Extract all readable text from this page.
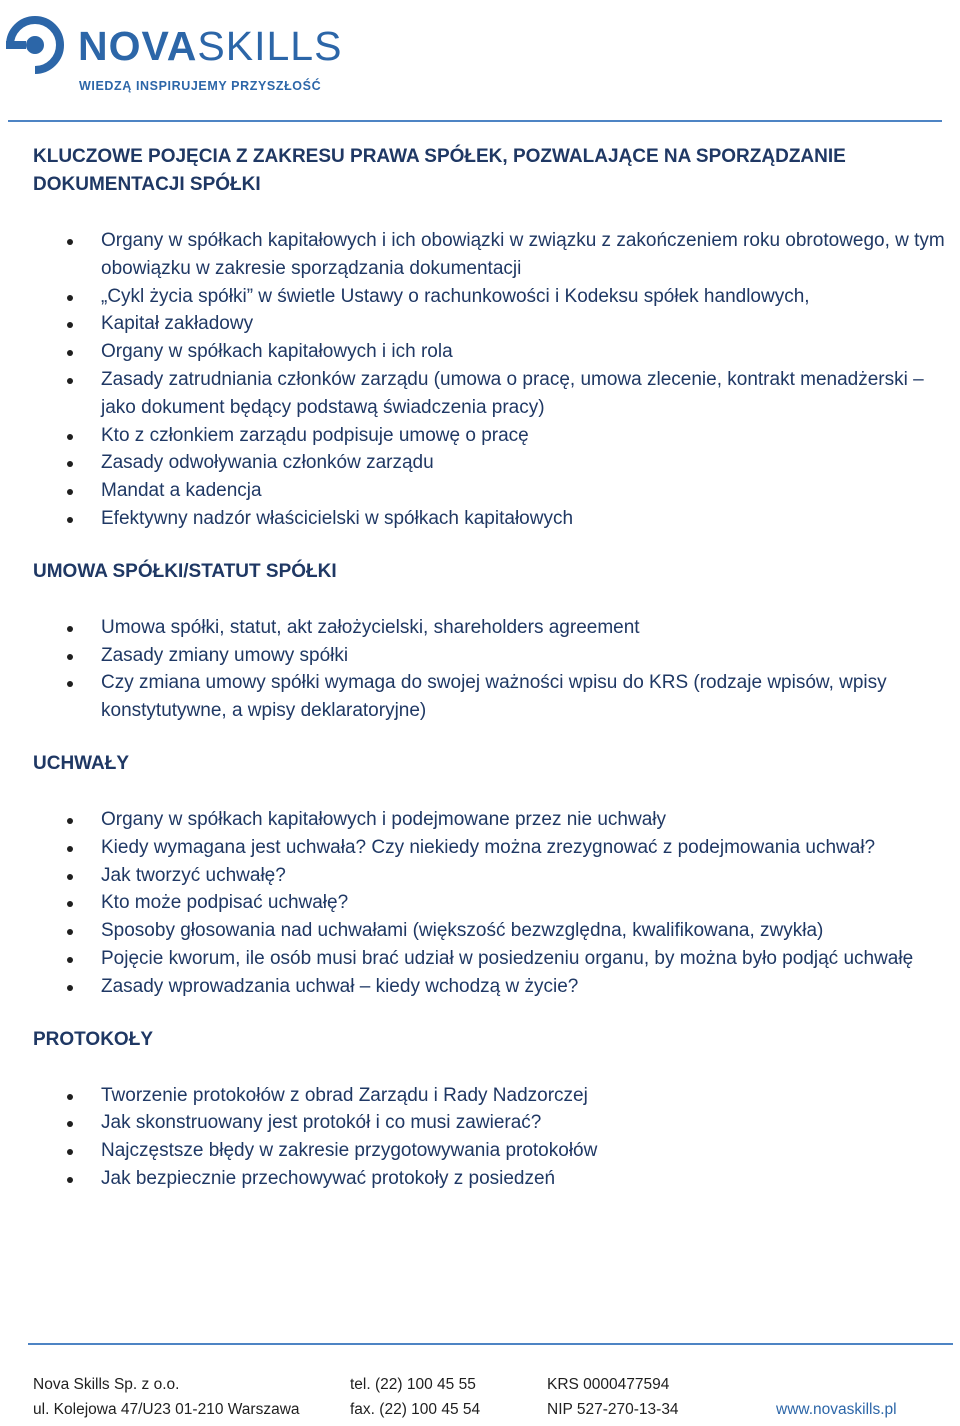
NOVASKILLS
WIEDZĄ INSPIRUJEMY PRZYSZŁOŚĆ

KLUCZOWE POJĘCIA Z ZAKRESU PRAWA SPÓŁEK, POZWALAJĄCE NA SPORZĄDZANIE DOKUMENTACJI SPÓŁKI

Organy w spółkach kapitałowych i ich obowiązki w związku z zakończeniem roku obrotowego, w tym obowiązku w zakresie sporządzania dokumentacji
„Cykl życia spółki” w świetle Ustawy o rachunkowości i Kodeksu spółek handlowych,
Kapitał zakładowy
Organy w spółkach kapitałowych i ich rola
Zasady zatrudniania członków zarządu (umowa o pracę, umowa zlecenie, kontrakt menadżerski – jako dokument będący podstawą świadczenia pracy)
Kto z członkiem zarządu podpisuje umowę o pracę
Zasady odwoływania członków zarządu
Mandat a kadencja
Efektywny nadzór właścicielski w spółkach kapitałowych

UMOWA SPÓŁKI/STATUT SPÓŁKI

Umowa spółki, statut, akt założycielski, shareholders agreement
Zasady zmiany umowy spółki
Czy zmiana umowy spółki wymaga do swojej ważności wpisu do KRS (rodzaje wpisów, wpisy konstytutywne, a wpisy deklaratoryjne)

UCHWAŁY

Organy w spółkach kapitałowych i podejmowane przez nie uchwały
Kiedy wymagana jest uchwała? Czy niekiedy można zrezygnować z podejmowania uchwał?
Jak tworzyć uchwałę?
Kto może podpisać uchwałę?
Sposoby głosowania nad uchwałami (większość bezwzględna, kwalifikowana, zwykła)
Pojęcie kworum, ile osób musi brać udział w posiedzeniu organu, by można było podjąć uchwałę
Zasady wprowadzania uchwał – kiedy wchodzą w życie?

PROTOKOŁY

Tworzenie protokołów z obrad Zarządu i Rady Nadzorczej
Jak skonstruowany jest protokół i co musi zawierać?
Najczęstsze błędy w zakresie przygotowywania protokołów
Jak bezpiecznie przechowywać protokoły z posiedzeń
Nova Skills Sp. z o.o.	tel. (22) 100 45 55	KRS 0000477594
ul. Kolejowa 47/U23 01-210 Warszawa	fax. (22) 100 45 54	NIP 527-270-13-34	www.novaskills.pl
